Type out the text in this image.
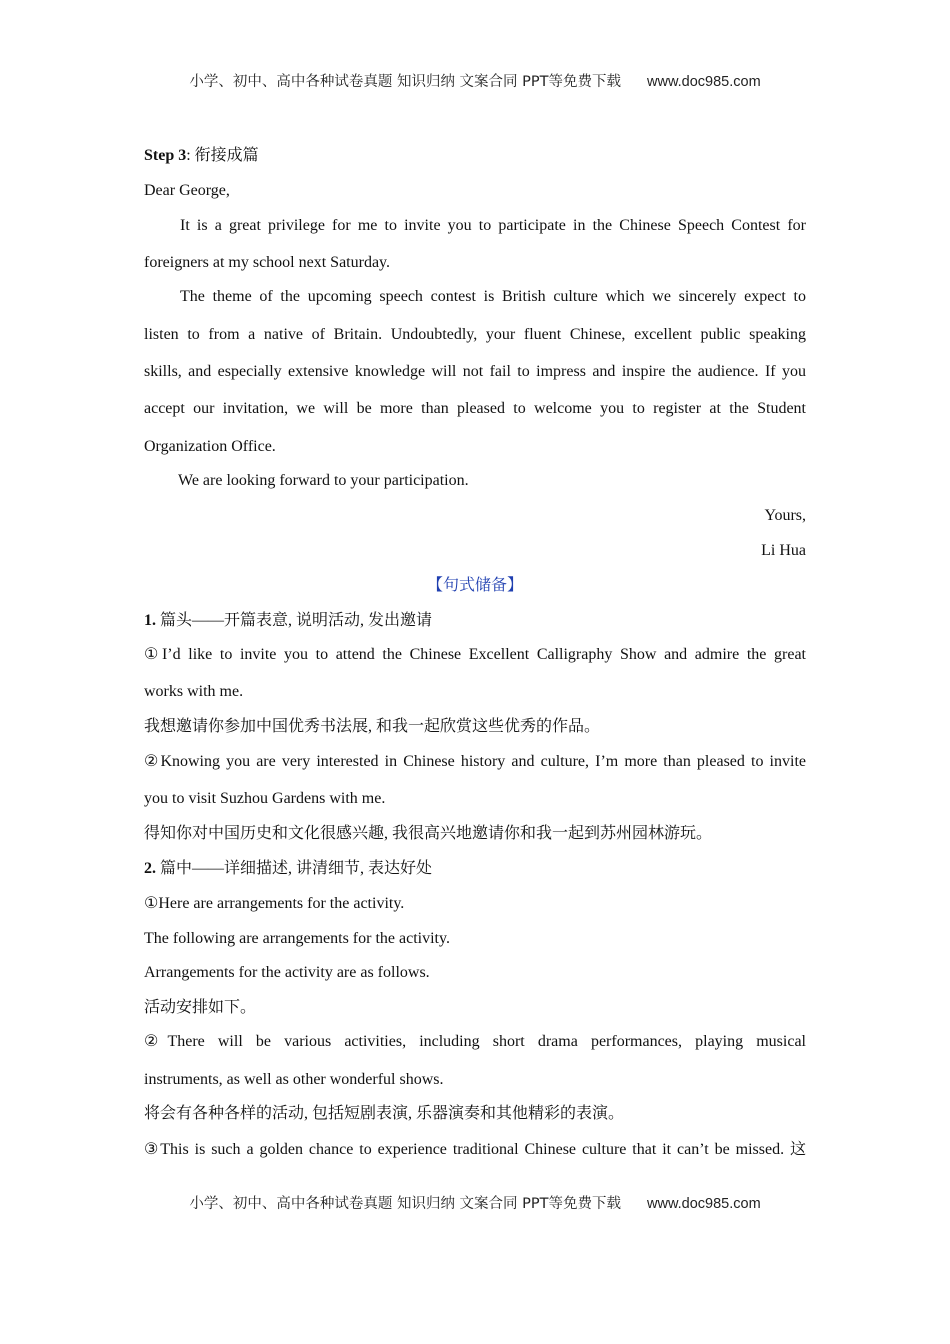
小学、初中、高中各种试卷真题 知识归纳 文案合同 PPT等免费下载 www.doc985.com
Step 3: 衔接成篇
Dear George,
It is a great privilege for me to invite you to participate in the Chinese Speech Contest for
foreigners at my school next Saturday.
The theme of the upcoming speech contest is British culture which we sincerely expect to
listen to from a native of Britain. Undoubtedly, your fluent Chinese, excellent public speaking
skills, and especially extensive knowledge will not fail to impress and inspire the audience. If you
accept our invitation, we will be more than pleased to welcome you to register at the Student
Organization Office.
We are looking forward to your participation.
Yours,
Li Hua
【句式储备】
1. 篇头——开篇表意, 说明活动, 发出邀请
①I’d like to invite you to attend the Chinese Excellent Calligraphy Show and admire the great
works with me.
我想邀请你参加中国优秀书法展, 和我一起欣赏这些优秀的作品。
②Knowing you are very interested in Chinese history and culture, I’m more than pleased to invite
you to visit Suzhou Gardens with me.
得知你对中国历史和文化很感兴趣, 我很高兴地邀请你和我一起到苏州园林游玩。
2. 篇中——详细描述, 讲清细节, 表达好处
①Here are arrangements for the activity.
The following are arrangements for the activity.
Arrangements for the activity are as follows.
活动安排如下。
②There will be various activities, including short drama performances, playing musical
instruments, as well as other wonderful shows.
将会有各种各样的活动, 包括短剧表演, 乐器演奏和其他精彩的表演。
③This is such a golden chance to experience traditional Chinese culture that it can’t be missed. 这
小学、初中、高中各种试卷真题 知识归纳 文案合同 PPT等免费下载 www.doc985.com
